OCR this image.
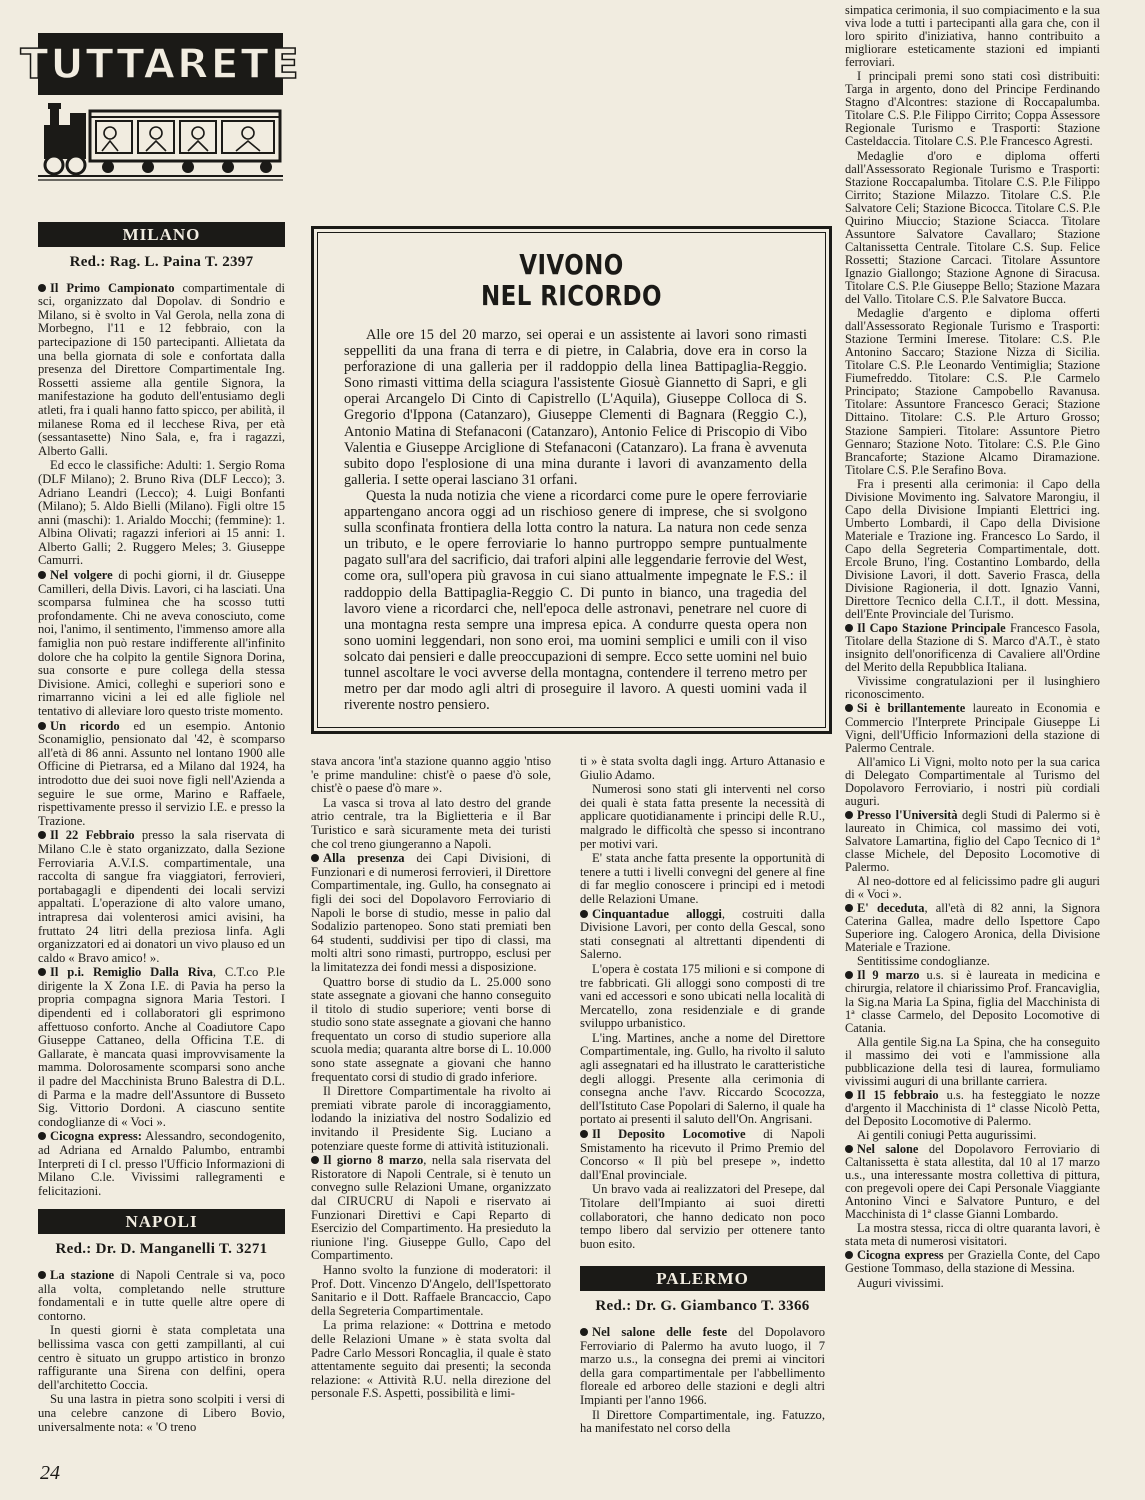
TUTTARETE
MILANO
Red.: Rag. L. Paina T. 2397

Il Primo Campionato compartimentale di sci, organizzato dal Dopolav. di Sondrio e Milano, si è svolto in Val Gerola, nella zona di Morbegno, l'11 e 12 febbraio, con la partecipazione di 150 partecipanti. Allietata da una bella giornata di sole e confortata dalla presenza del Direttore Compartimentale Ing. Rossetti assieme alla gentile Signora, la manifestazione ha goduto dell'entusiamo degli atleti, fra i quali hanno fatto spicco, per abilità, il milanese Roma ed il lecchese Riva, per età (sessantasette) Nino Sala, e, fra i ragazzi, Alberto Galli.

Ed ecco le classifiche: Adulti: 1. Sergio Roma (DLF Milano); 2. Bruno Riva (DLF Lecco); 3. Adriano Leandri (Lecco); 4. Luigi Bonfanti (Milano); 5. Aldo Bielli (Milano). Figli oltre 15 anni (maschi): 1. Arialdo Mocchi; (femmine): 1. Albina Olivati; ragazzi inferiori ai 15 anni: 1. Alberto Galli; 2. Ruggero Meles; 3. Giuseppe Camurri.

Nel volgere di pochi giorni, il dr. Giuseppe Camilleri, della Divis. Lavori, ci ha lasciati. Una scomparsa fulminea che ha scosso tutti profondamente. Chi ne aveva conosciuto, come noi, l'animo, il sentimento, l'immenso amore alla famiglia non può restare indifferente all'infinito dolore che ha colpito la gentile Signora Dorina, sua consorte e pure collega della stessa Divisione. Amici, colleghi e superiori sono e rimarranno vicini a lei ed alle figliole nel tentativo di alleviare loro questo triste momento.

Un ricordo ed un esempio. Antonio Sconamiglio, pensionato dal '42, è scomparso all'età di 86 anni. Assunto nel lontano 1900 alle Officine di Pietrarsa, ed a Milano dal 1924, ha introdotto due dei suoi nove figli nell'Azienda a seguire le sue orme, Marino e Raffaele, rispettivamente presso il servizio I.E. e presso la Trazione.

Il 22 Febbraio presso la sala riservata di Milano C.le è stato organizzato, dalla Sezione Ferroviaria A.V.I.S. compartimentale, una raccolta di sangue fra viaggiatori, ferrovieri, portabagagli e dipendenti dei locali servizi appaltati. L'operazione di alto valore umano, intrapresa dai volenterosi amici avisini, ha fruttato 24 litri della preziosa linfa. Agli organizzatori ed ai donatori un vivo plauso ed un caldo « Bravo amico! ».

Il p.i. Remiglio Dalla Riva, C.T.co P.le dirigente la X Zona I.E. di Pavia ha perso la propria compagna signora Maria Testori. I dipendenti ed i collaboratori gli esprimono affettuoso conforto. Anche al Coadiutore Capo Giuseppe Cattaneo, della Officina T.E. di Gallarate, è mancata quasi improvvisamente la mamma. Dolorosamente scomparsi sono anche il padre del Macchinista Bruno Balestra di D.L. di Parma e la madre dell'Assuntore di Busseto Sig. Vittorio Dordoni. A ciascuno sentite condoglianze di « Voci ».

Cicogna express: Alessandro, secondogenito, ad Adriana ed Arnaldo Palumbo, entrambi Interpreti di I cl. presso l'Ufficio Informazioni di Milano C.le. Vivissimi rallegramenti e felicitazioni.

NAPOLI
Red.: Dr. D. Manganelli T. 3271

La stazione di Napoli Centrale si va, poco alla volta, completando nelle strutture fondamentali e in tutte quelle altre opere di contorno.

In questi giorni è stata completata una bellissima vasca con getti zampillanti, al cui centro è situato un gruppo artistico in bronzo raffigurante una Sirena con delfini, opera dell'architetto Coccia.

Su una lastra in pietra sono scolpiti i versi di una celebre canzone di Libero Bovio, universalmente nota: « 'O treno

VIVONO
NEL RICORDO

Alle ore 15 del 20 marzo, sei operai e un assistente ai lavori sono rimasti seppelliti da una frana di terra e di pietre, in Calabria, dove era in corso la perforazione di una galleria per il raddoppio della linea Battipaglia-Reggio. Sono rimasti vittima della sciagura l'assistente Giosuè Giannetto di Sapri, e gli operai Arcangelo Di Cinto di Capistrello (L'Aquila), Giuseppe Colloca di S. Gregorio d'Ippona (Catanzaro), Giuseppe Clementi di Bagnara (Reggio C.), Antonio Matina di Stefanaconi (Catanzaro), Antonio Felice di Priscopio di Vibo Valentia e Giuseppe Arciglione di Stefanaconi (Catanzaro). La frana è avvenuta subito dopo l'esplosione di una mina durante i lavori di avanzamento della galleria. I sette operai lasciano 31 orfani.

Questa la nuda notizia che viene a ricordarci come pure le opere ferroviarie appartengano ancora oggi ad un rischioso genere di imprese, che si svolgono sulla sconfinata frontiera della lotta contro la natura. La natura non cede senza un tributo, e le opere ferroviarie lo hanno purtroppo sempre puntualmente pagato sull'ara del sacrificio, dai trafori alpini alle leggendarie ferrovie del West, come ora, sull'opera più gravosa in cui siano attualmente impegnate le F.S.: il raddoppio della Battipaglia-Reggio C. Di punto in bianco, una tragedia del lavoro viene a ricordarci che, nell'epoca delle astronavi, penetrare nel cuore di una montagna resta sempre una impresa epica. A condurre questa opera non sono uomini leggendari, non sono eroi, ma uomini semplici e umili con il viso solcato dai pensieri e dalle preoccupazioni di sempre. Ecco sette uomini nel buio tunnel ascoltare le voci avverse della montagna, contendere il terreno metro per metro per dar modo agli altri di proseguire il lavoro. A questi uomini vada il riverente nostro pensiero.

stava ancora 'int'a stazione quanno aggio 'ntiso 'e prime manduline: chist'è o paese d'ò sole, chist'è o paese d'ò mare ».

La vasca si trova al lato destro del grande atrio centrale, tra la Biglietteria e il Bar Turistico e sarà sicuramente meta dei turisti che col treno giungeranno a Napoli.

Alla presenza dei Capi Divisioni, di Funzionari e di numerosi ferrovieri, il Direttore Compartimentale, ing. Gullo, ha consegnato ai figli dei soci del Dopolavoro Ferroviario di Napoli le borse di studio, messe in palio dal Sodalizio partenopeo. Sono stati premiati ben 64 studenti, suddivisi per tipo di classi, ma molti altri sono rimasti, purtroppo, esclusi per la limitatezza dei fondi messi a disposizione.

Quattro borse di studio da L. 25.000 sono state assegnate a giovani che hanno conseguito il titolo di studio superiore; venti borse di studio sono state assegnate a giovani che hanno frequentato un corso di studio superiore alla scuola media; quaranta altre borse di L. 10.000 sono state assegnate a giovani che hanno frequentato corsi di studio di grado inferiore.

Il Direttore Compartimentale ha rivolto ai premiati vibrate parole di incoraggiamento, lodando la iniziativa del nostro Sodalizio ed invitando il Presidente Sig. Luciano a potenziare queste forme di attività istituzionali.

Il giorno 8 marzo, nella sala riservata del Ristoratore di Napoli Centrale, si è tenuto un convegno sulle Relazioni Umane, organizzato dal CIRUCRU di Napoli e riservato ai Funzionari Direttivi e Capi Reparto di Esercizio del Compartimento. Ha presieduto la riunione l'ing. Giuseppe Gullo, Capo del Compartimento.

Hanno svolto la funzione di moderatori: il Prof. Dott. Vincenzo D'Angelo, dell'Ispettorato Sanitario e il Dott. Raffaele Brancaccio, Capo della Segreteria Compartimentale.

La prima relazione: « Dottrina e metodo delle Relazioni Umane » è stata svolta dal Padre Carlo Messori Roncaglia, il quale è stato attentamente seguito dai presenti; la seconda relazione: « Attività R.U. nella direzione del personale F.S. Aspetti, possibilità e limi-

ti » è stata svolta dagli ingg. Arturo Attanasio e Giulio Adamo.

Numerosi sono stati gli interventi nel corso dei quali è stata fatta presente la necessità di applicare quotidianamente i principi delle R.U., malgrado le difficoltà che spesso si incontrano per motivi vari.

E' stata anche fatta presente la opportunità di tenere a tutti i livelli convegni del genere al fine di far meglio conoscere i principi ed i metodi delle Relazioni Umane.

Cinquantadue alloggi, costruiti dalla Divisione Lavori, per conto della Gescal, sono stati consegnati al altrettanti dipendenti di Salerno.

L'opera è costata 175 milioni e si compone di tre fabbricati. Gli alloggi sono composti di tre vani ed accessori e sono ubicati nella località di Mercatello, zona residenziale e di grande sviluppo urbanistico.

L'ing. Martines, anche a nome del Direttore Compartimentale, ing. Gullo, ha rivolto il saluto agli assegnatari ed ha illustrato le caratteristiche degli alloggi. Presente alla cerimonia di consegna anche l'avv. Riccardo Scocozza, dell'Istituto Case Popolari di Salerno, il quale ha portato ai presenti il saluto dell'On. Angrisani.

Il Deposito Locomotive di Napoli Smistamento ha ricevuto il Primo Premio del Concorso « Il più bel presepe », indetto dall'Enal provinciale.

Un bravo vada ai realizzatori del Presepe, dal Titolare dell'Impianto ai suoi diretti collaboratori, che hanno dedicato non poco tempo libero dal servizio per ottenere tanto buon esito.

PALERMO
Red.: Dr. G. Giambanco T. 3366

Nel salone delle feste del Dopolavoro Ferroviario di Palermo ha avuto luogo, il 7 marzo u.s., la consegna dei premi ai vincitori della gara compartimentale per l'abbellimento floreale ed arboreo delle stazioni e degli altri Impianti per l'anno 1966.

Il Direttore Compartimentale, ing. Fatuzzo, ha manifestato nel corso della

simpatica cerimonia, il suo compiacimento e la sua viva lode a tutti i partecipanti alla gara che, con il loro spirito d'iniziativa, hanno contribuito a migliorare esteticamente stazioni ed impianti ferroviari.

I principali premi sono stati così distribuiti: Targa in argento, dono del Principe Ferdinando Stagno d'Alcontres: stazione di Roccapalumba. Titolare C.S. P.le Filippo Cirrito; Coppa Assessore Regionale Turismo e Trasporti: Stazione Casteldaccia. Titolare C.S. P.le Francesco Agresti.

Medaglie d'oro e diploma offerti dall'Assessorato Regionale Turismo e Trasporti: Stazione Roccapalumba. Titolare C.S. P.le Filippo Cirrito; Stazione Milazzo. Titolare C.S. P.le Salvatore Celi; Stazione Bicocca. Titolare C.S. P.le Quirino Miuccio; Stazione Sciacca. Titolare Assuntore Salvatore Cavallaro; Stazione Caltanissetta Centrale. Titolare C.S. Sup. Felice Rossetti; Stazione Carcaci. Titolare Assuntore Ignazio Giallongo; Stazione Agnone di Siracusa. Titolare C.S. P.le Giuseppe Bello; Stazione Mazara del Vallo. Titolare C.S. P.le Salvatore Bucca.

Medaglie d'argento e diploma offerti dall'Assessorato Regionale Turismo e Trasporti: Stazione Termini Imerese. Titolare: C.S. P.le Antonino Saccaro; Stazione Nizza di Sicilia. Titolare C.S. P.le Leonardo Ventimiglia; Stazione Fiumefreddo. Titolare: C.S. P.le Carmelo Principato; Stazione Campobello Ravanusa. Titolare: Assuntore Francesco Geraci; Stazione Dittaino. Titolare: C.S. P.le Arturo Grosso; Stazione Sampieri. Titolare: Assuntore Pietro Gennaro; Stazione Noto. Titolare: C.S. P.le Gino Brancaforte; Stazione Alcamo Diramazione. Titolare C.S. P.le Serafino Bova.

Fra i presenti alla cerimonia: il Capo della Divisione Movimento ing. Salvatore Marongiu, il Capo della Divisione Impianti Elettrici ing. Umberto Lombardi, il Capo della Divisione Materiale e Trazione ing. Francesco Lo Sardo, il Capo della Segreteria Compartimentale, dott. Ercole Bruno, l'ing. Costantino Lombardo, della Divisione Lavori, il dott. Saverio Frasca, della Divisione Ragioneria, il dott. Ignazio Vanni, Direttore Tecnico della C.I.T., il dott. Messina, dell'Ente Provinciale del Turismo.

Il Capo Stazione Principale Francesco Fasola, Titolare della Stazione di S. Marco d'A.T., è stato insignito dell'onorificenza di Cavaliere all'Ordine del Merito della Repubblica Italiana.

Vivissime congratulazioni per il lusinghiero riconoscimento.

Si è brillantemente laureato in Economia e Commercio l'Interprete Principale Giuseppe Li Vigni, dell'Ufficio Informazioni della stazione di Palermo Centrale.

All'amico Li Vigni, molto noto per la sua carica di Delegato Compartimentale al Turismo del Dopolavoro Ferroviario, i nostri più cordiali auguri.

Presso l'Università degli Studi di Palermo si è laureato in Chimica, col massimo dei voti, Salvatore Lamartina, figlio del Capo Tecnico di 1ª classe Michele, del Deposito Locomotive di Palermo.

Al neo-dottore ed al felicissimo padre gli auguri di « Voci ».

E' deceduta, all'età di 82 anni, la Signora Caterina Gallea, madre dello Ispettore Capo Superiore ing. Calogero Aronica, della Divisione Materiale e Trazione.

Sentitissime condoglianze.

Il 9 marzo u.s. si è laureata in medicina e chirurgia, relatore il chiarissimo Prof. Francaviglia, la Sig.na Maria La Spina, figlia del Macchinista di 1ª classe Carmelo, del Deposito Locomotive di Catania.

Alla gentile Sig.na La Spina, che ha conseguito il massimo dei voti e l'ammissione alla pubblicazione della tesi di laurea, formuliamo vivissimi auguri di una brillante carriera.

Il 15 febbraio u.s. ha festeggiato le nozze d'argento il Macchinista di 1ª classe Nicolò Petta, del Deposito Locomotive di Palermo.

Ai gentili coniugi Petta augurissimi.

Nel salone del Dopolavoro Ferroviario di Caltanissetta è stata allestita, dal 10 al 17 marzo u.s., una interessante mostra collettiva di pittura, con pregevoli opere dei Capi Personale Viaggiante Antonino Vinci e Salvatore Punturo, e del Macchinista di 1ª classe Gianni Lombardo.

La mostra stessa, ricca di oltre quaranta lavori, è stata meta di numerosi visitatori.

Cicogna express per Graziella Conte, del Capo Gestione Tommaso, della stazione di Messina.

Auguri vivissimi.

24
